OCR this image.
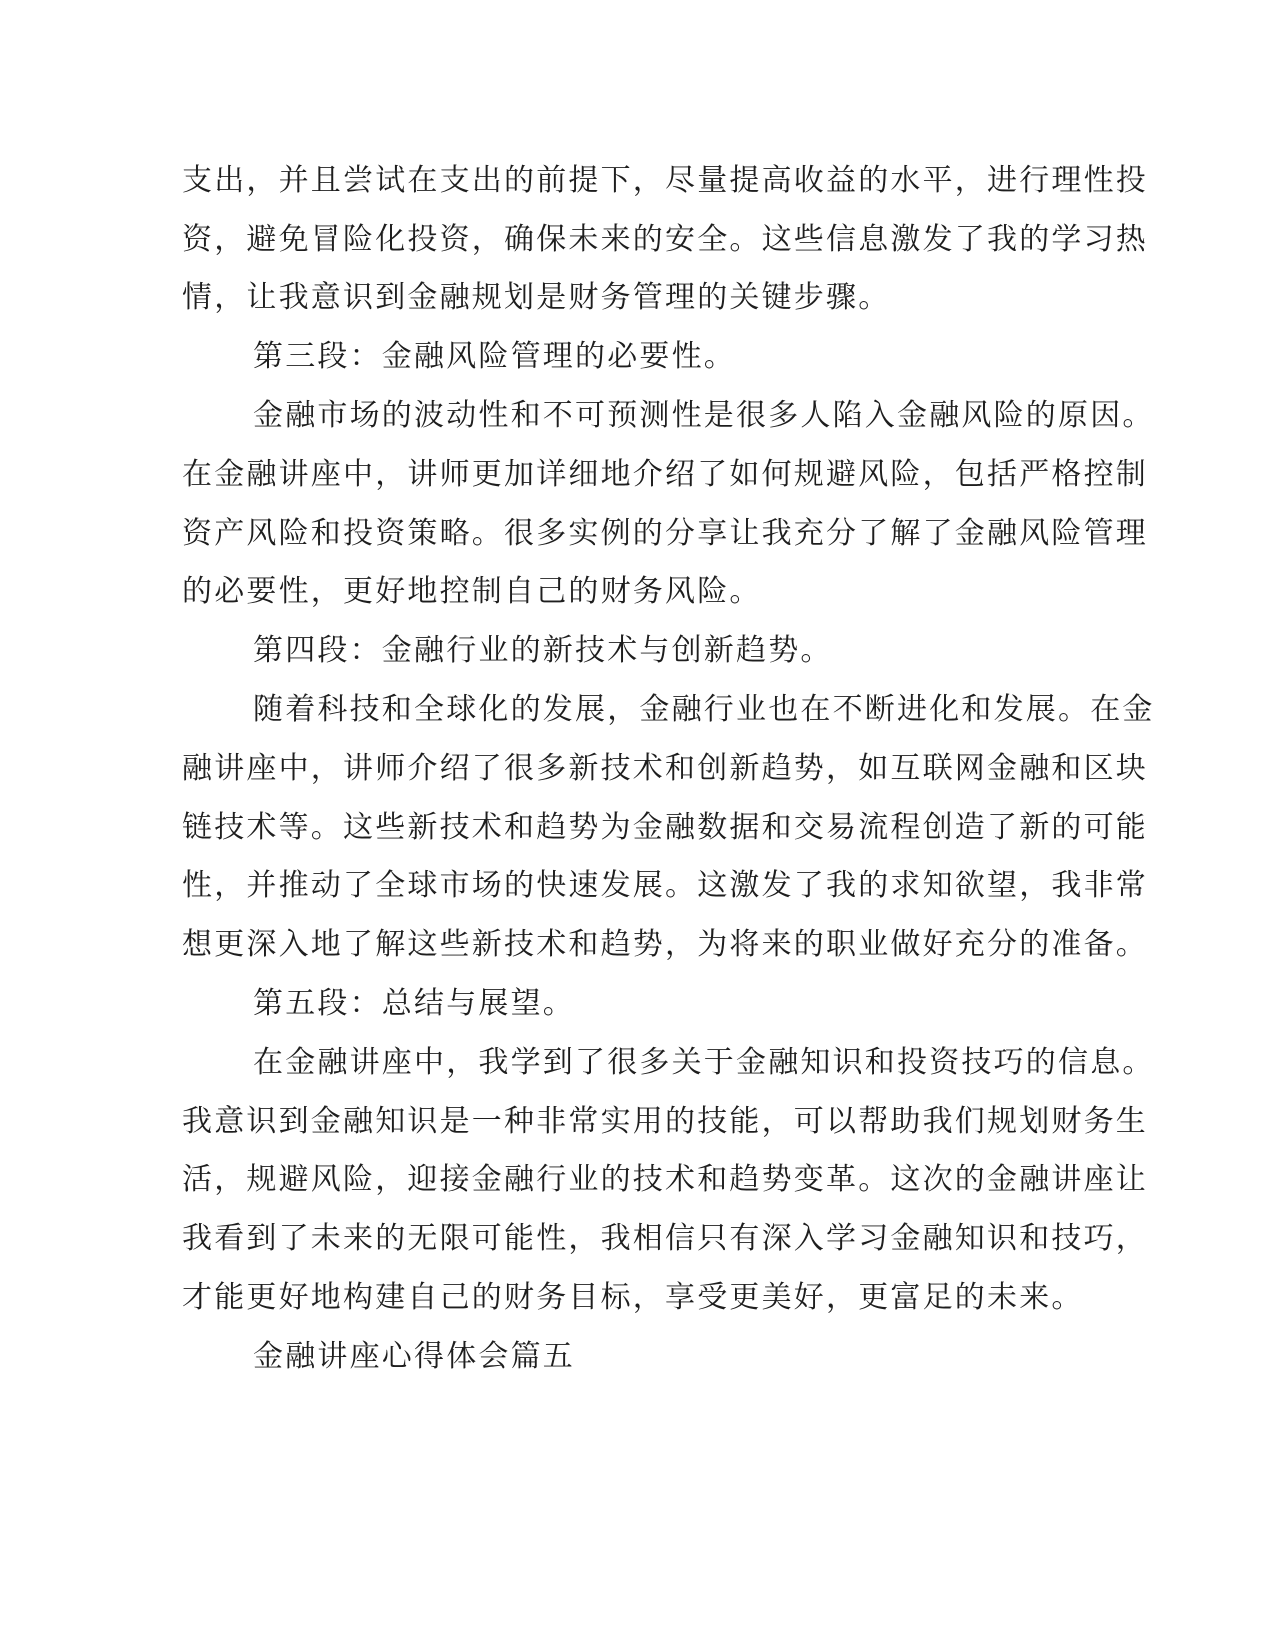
支出，并且尝试在支出的前提下，尽量提高收益的水平，进行理性投

资，避免冒险化投资，确保未来的安全。这些信息激发了我的学习热

情，让我意识到金融规划是财务管理的关键步骤。

第三段：金融风险管理的必要性。

金融市场的波动性和不可预测性是很多人陷入金融风险的原因。

在金融讲座中，讲师更加详细地介绍了如何规避风险，包括严格控制

资产风险和投资策略。很多实例的分享让我充分了解了金融风险管理

的必要性，更好地控制自己的财务风险。

第四段：金融行业的新技术与创新趋势。

随着科技和全球化的发展，金融行业也在不断进化和发展。在金

融讲座中，讲师介绍了很多新技术和创新趋势，如互联网金融和区块

链技术等。这些新技术和趋势为金融数据和交易流程创造了新的可能

性，并推动了全球市场的快速发展。这激发了我的求知欲望，我非常

想更深入地了解这些新技术和趋势，为将来的职业做好充分的准备。

第五段：总结与展望。

在金融讲座中，我学到了很多关于金融知识和投资技巧的信息。

我意识到金融知识是一种非常实用的技能，可以帮助我们规划财务生

活，规避风险，迎接金融行业的技术和趋势变革。这次的金融讲座让

我看到了未来的无限可能性，我相信只有深入学习金融知识和技巧，

才能更好地构建自己的财务目标，享受更美好，更富足的未来。

金融讲座心得体会篇五
